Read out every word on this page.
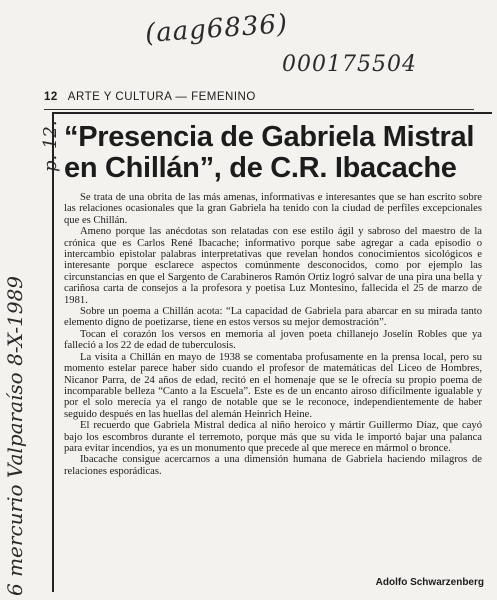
(aag6836)
000175504
6 mercurio Valparaíso 8-X-1989
p. 12.
12 ARTE Y CULTURA — FEMENINO
“Presencia de Gabriela Mistral en Chillán”, de C.R. Ibacache

Se trata de una obrita de las más amenas, informativas e interesantes que se han escrito sobre las relaciones ocasionales que la gran Gabriela ha tenido con la ciudad de perfiles excepcionales que es Chillán.

Ameno porque las anécdotas son relatadas con ese estilo ágil y sabroso del maestro de la crónica que es Carlos René Ibacache; informativo porque sabe agregar a cada episodio o intercambio epistolar palabras interpretativas que revelan hondos conocimientos sicológicos e interesante porque esclarece aspectos comúnmente desconocidos, como por ejemplo las circunstancias en que el Sargento de Carabineros Ramón Ortiz logró salvar de una pira una bella y cariñosa carta de consejos a la profesora y poetisa Luz Montesino, fallecida el 25 de marzo de 1981.

Sobre un poema a Chillán acota: “La capacidad de Gabriela para abarcar en su mirada tanto elemento digno de poetizarse, tiene en estos versos su mejor demostración”.

Tocan el corazón los versos en memoria al joven poeta chillanejo Joselín Robles que ya falleció a los 22 de edad de tuberculosis.

La visita a Chillán en mayo de 1938 se comentaba profusamente en la prensa local, pero su momento estelar parece haber sido cuando el profesor de matemáticas del Liceo de Hombres, Nicanor Parra, de 24 años de edad, recitó en el homenaje que se le ofrecía su propio poema de incomparable belleza “Canto a la Escuela”. Este es de un encanto airoso difícilmente igualable y por el solo merecía ya el rango de notable que se le reconoce, independientemente de haber seguido después en las huellas del alemán Heinrich Heine.

El recuerdo que Gabriela Mistral dedica al niño heroico y mártir Guillermo Díaz, que cayó bajo los escombros durante el terremoto, porque más que su vida le importó bajar una palanca para evitar incendios, ya es un monumento que precede al que merece en mármol o bronce.

Ibacache consigue acercarnos a una dimensión humana de Gabriela haciendo milagros de relaciones esporádicas.

Adolfo Schwarzenberg
